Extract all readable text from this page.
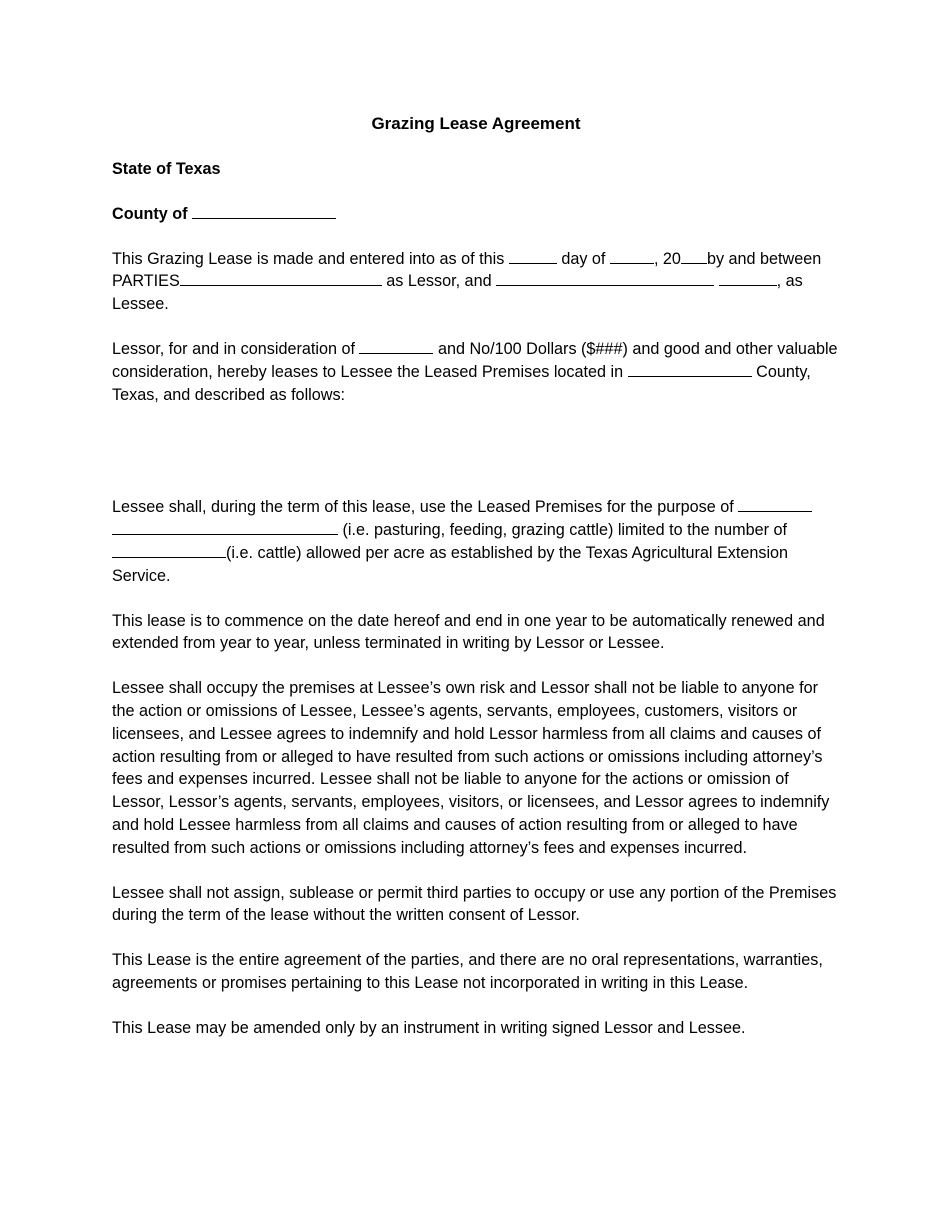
Grazing Lease Agreement
State of Texas
County of

This Grazing Lease is made and entered into as of this	day of	, 20 by and between PARTIES	as Lessor, and	, as Lessee.

Lessor, for and in consideration of	and No/100 Dollars ($###) and good and other valuable consideration, hereby leases to Lessee the Leased Premises located in	County, Texas, and described as follows:

Lessee shall, during the term of this lease, use the Leased Premises for the purpose of   (i.e. pasturing, feeding, grazing cattle) limited to the number of (i.e. cattle) allowed per acre as established by the Texas Agricultural Extension Service.

This lease is to commence on the date hereof and end in one year to be automatically renewed and extended from year to year, unless terminated in writing by Lessor or Lessee.

Lessee shall occupy the premises at Lessee’s own risk and Lessor shall not be liable to anyone for the action or omissions of Lessee, Lessee’s agents, servants, employees, customers, visitors or licensees, and Lessee agrees to indemnify and hold Lessor harmless from all claims and causes of action resulting from or alleged to have resulted from such actions or omissions including attorney’s fees and expenses incurred. Lessee shall not be liable to anyone for the actions or omission of Lessor, Lessor’s agents, servants, employees, visitors, or licensees, and Lessor agrees to indemnify and hold Lessee harmless from all claims and causes of action resulting from or alleged to have resulted from such actions or omissions including attorney’s fees and expenses incurred.

Lessee shall not assign, sublease or permit third parties to occupy or use any portion of the Premises during the term of the lease without the written consent of Lessor.

This Lease is the entire agreement of the parties, and there are no oral representations, warranties, agreements or promises pertaining to this Lease not incorporated in writing in this Lease.

This Lease may be amended only by an instrument in writing signed Lessor and Lessee.
